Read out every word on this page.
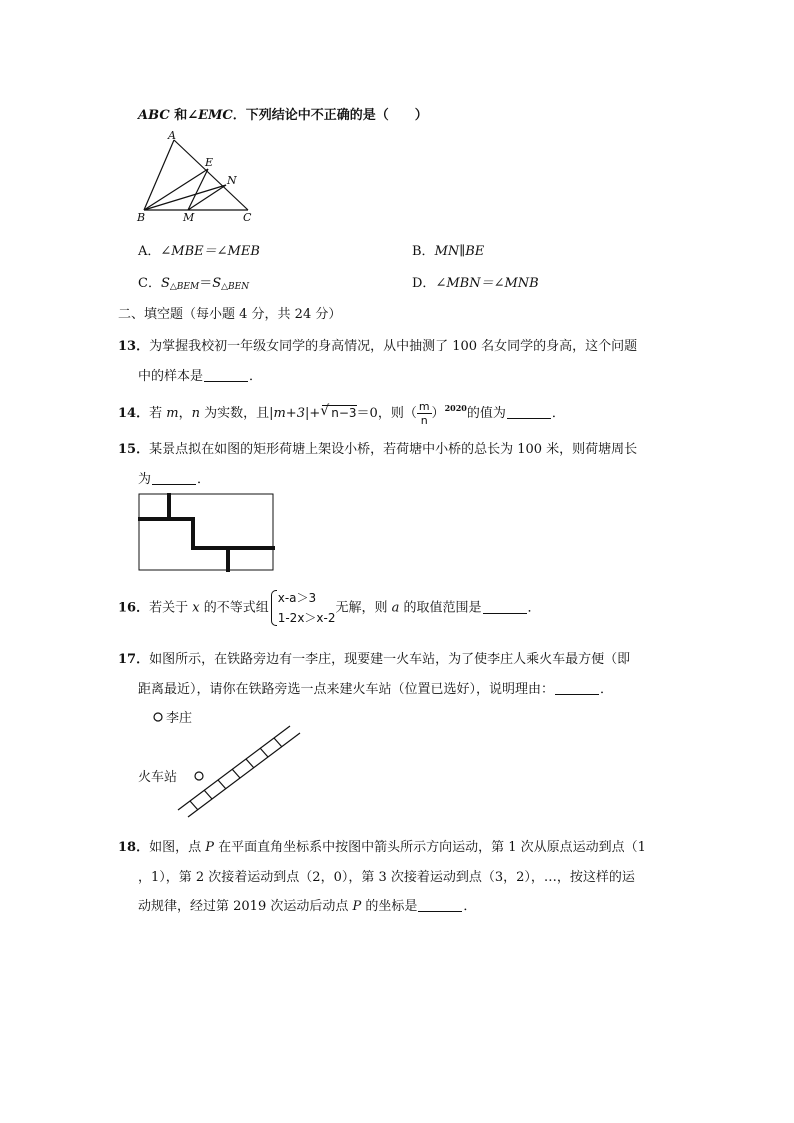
ABC 和∠EMC．下列结论中不正确的是（　　）
A
E
N
B	M	C
A．∠MBE＝∠MEB	B．MN∥BE
C．$S_{\triangle BEM}=S_{\triangle BEN}$	D．∠MBN＝∠MNB
二、填空题（每小题 4 分，共 24 分）
13．为掌握我校初一年级女同学的身高情况，从中抽测了 100 名女同学的身高，这个问题
中的样本是	．
14．若 m，n 为实数，且|m+3|+√ n−3＝0，则（ $\frac{m}{n} )^{2020}$的值为	．
15．某景点拟在如图的矩形荷塘上架设小桥，若荷塘中小桥的总长为 100 米，则荷塘周长
为	．
16．若关于 x 的不等式组
x-a＞3
1-2x＞x-2
无解，则 a 的取值范围是	．
17．如图所示，在铁路旁边有一李庄，现要建一火车站，为了使李庄人乘火车最方便（即
距离最近），请你在铁路旁选一点来建火车站（位置已选好），说明理由：	．
李庄
火车站
18．如图，点 P 在平面直角坐标系中按图中箭头所示方向运动，第 1 次从原点运动到点（1
，1），第 2 次接着运动到点（2，0），第 3 次接着运动到点（3，2），…，按这样的运
动规律，经过第 2019 次运动后动点 P 的坐标是	．
